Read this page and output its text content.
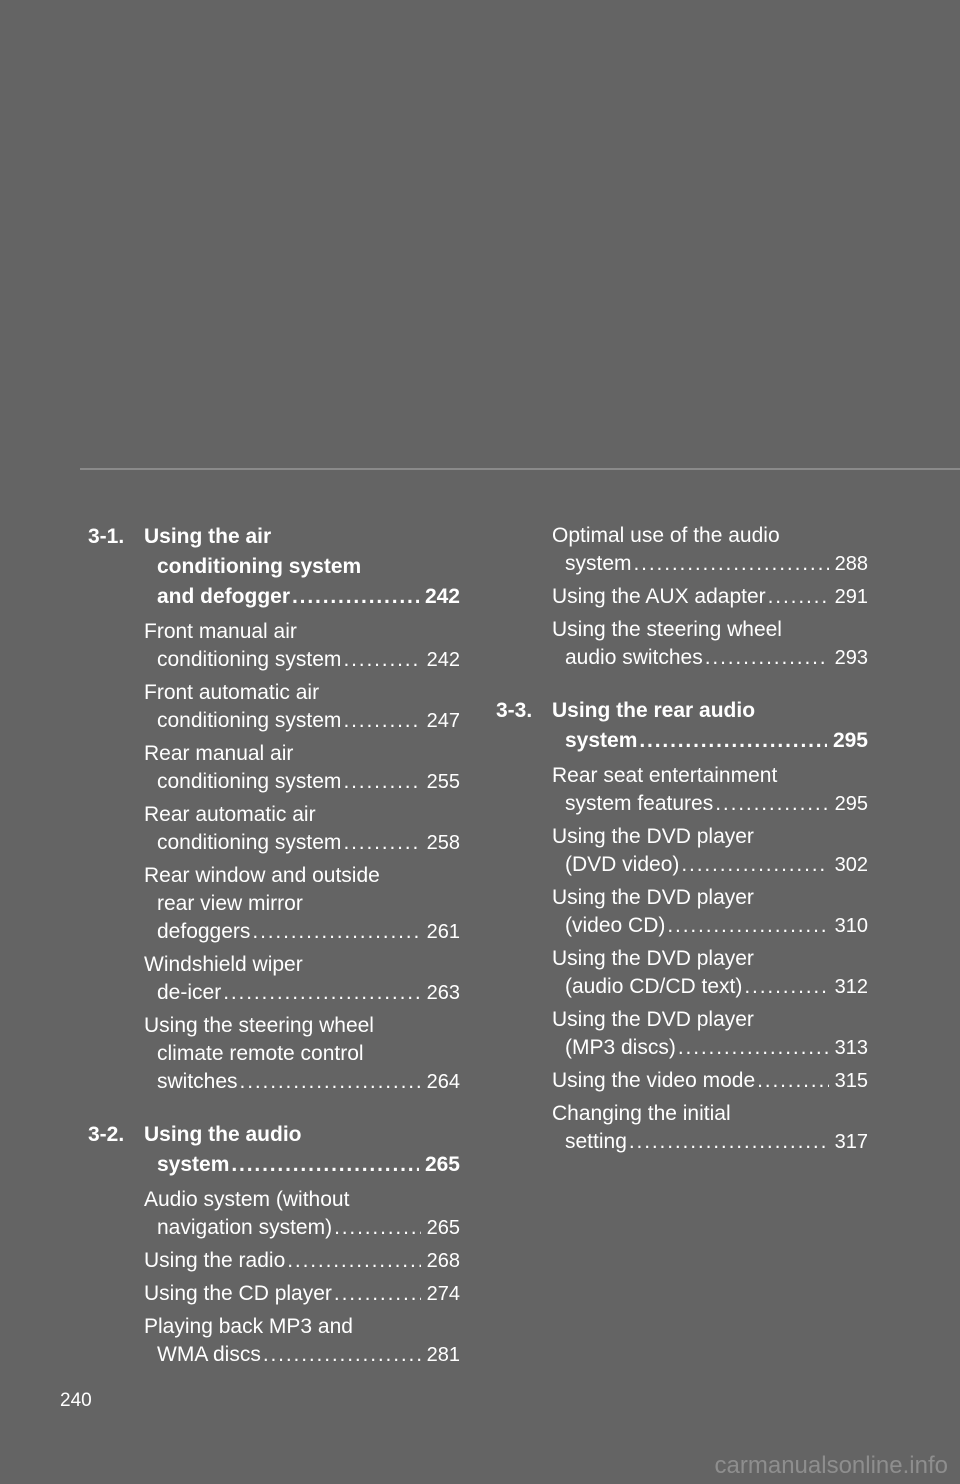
3-1. Using the air
conditioning system
and defogger . . .	242
Front manual air
conditioning system . . .	242
Front automatic air
conditioning system . . .	247
Rear manual air
conditioning system . . .	255
Rear automatic air
conditioning system . . .	258
Rear window and outside
rear view mirror
defoggers . . .	261
Windshield wiper
de-icer . . .	263
Using the steering wheel
climate remote control
switches . . .	264
3-2. Using the audio
system . . .	265
Audio system (without
navigation system) . . .	265
Using the radio . . .	268
Using the CD player . . .	274
Playing back MP3 and
WMA discs . . .	281
Optimal use of the audio
system . . .	288
Using the AUX adapter . . .	291
Using the steering wheel
audio switches . . .	293
3-3. Using the rear audio
system . . .	295
Rear seat entertainment
system features . . .	295
Using the DVD player
(DVD video) . . .	302
Using the DVD player
(video CD) . . .	310
Using the DVD player
(audio CD/CD text) . . .	312
Using the DVD player
(MP3 discs) . . .	313
Using the video mode . . .	315
Changing the initial
setting . . .	317
240
carmanualsonline.info
